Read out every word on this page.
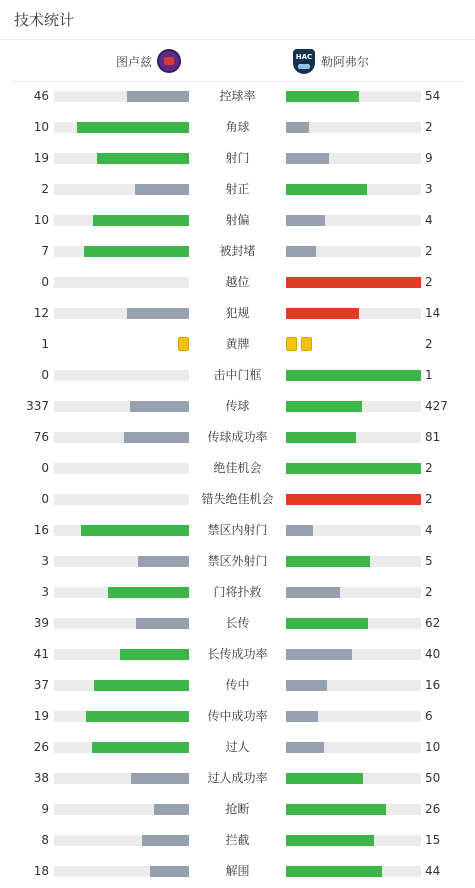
技术统计
图卢兹	HAC 勒阿弗尔
46	控球率	54
10	角球	2
19	射门	9
2	射正	3
10	射偏	4
7	被封堵	2
0	越位	2
12	犯规	14
1	黄牌	2
0	击中门框	1
337	传球	427
76	传球成功率	81
0	绝佳机会	2
0	错失绝佳机会	2
16	禁区内射门	4
3	禁区外射门	5
3	门将扑救	2
39	长传	62
41	长传成功率	40
37	传中	16
19	传中成功率	6
26	过人	10
38	过人成功率	50
9	抢断	26
8	拦截	15
18	解围	44
